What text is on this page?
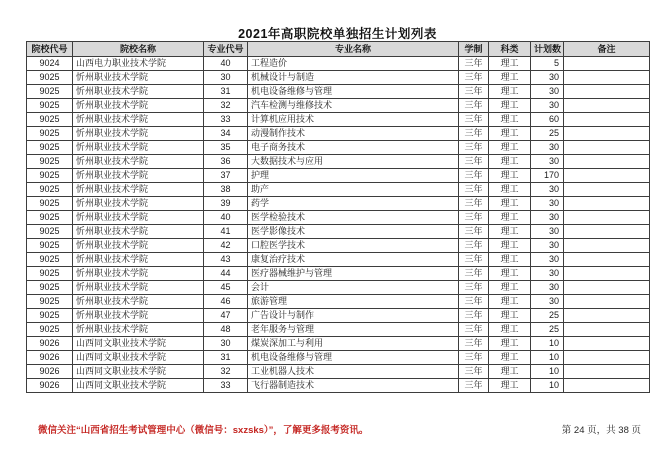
2021年高职院校单独招生计划列表
院校代号	院校名称	专业代号	专业名称	学制	科类	计划数	备注
9024	山西电力职业技术学院	40	工程造价	三年	理工	5	
9025	忻州职业技术学院	30	机械设计与制造	三年	理工	30	
9025	忻州职业技术学院	31	机电设备维修与管理	三年	理工	30	
9025	忻州职业技术学院	32	汽车检测与维修技术	三年	理工	30	
9025	忻州职业技术学院	33	计算机应用技术	三年	理工	60	
9025	忻州职业技术学院	34	动漫制作技术	三年	理工	25	
9025	忻州职业技术学院	35	电子商务技术	三年	理工	30	
9025	忻州职业技术学院	36	大数据技术与应用	三年	理工	30	
9025	忻州职业技术学院	37	护理	三年	理工	170	
9025	忻州职业技术学院	38	助产	三年	理工	30	
9025	忻州职业技术学院	39	药学	三年	理工	30	
9025	忻州职业技术学院	40	医学检验技术	三年	理工	30	
9025	忻州职业技术学院	41	医学影像技术	三年	理工	30	
9025	忻州职业技术学院	42	口腔医学技术	三年	理工	30	
9025	忻州职业技术学院	43	康复治疗技术	三年	理工	30	
9025	忻州职业技术学院	44	医疗器械维护与管理	三年	理工	30	
9025	忻州职业技术学院	45	会计	三年	理工	30	
9025	忻州职业技术学院	46	旅游管理	三年	理工	30	
9025	忻州职业技术学院	47	广告设计与制作	三年	理工	25	
9025	忻州职业技术学院	48	老年服务与管理	三年	理工	25	
9026	山西同文职业技术学院	30	煤炭深加工与利用	三年	理工	10	
9026	山西同文职业技术学院	31	机电设备维修与管理	三年	理工	10	
9026	山西同文职业技术学院	32	工业机器人技术	三年	理工	10	
9026	山西同文职业技术学院	33	飞行器制造技术	三年	理工	10	
微信关注“山西省招生考试管理中心（微信号：sxzsks）”，了解更多报考资讯。	第 24 页，共 38 页
